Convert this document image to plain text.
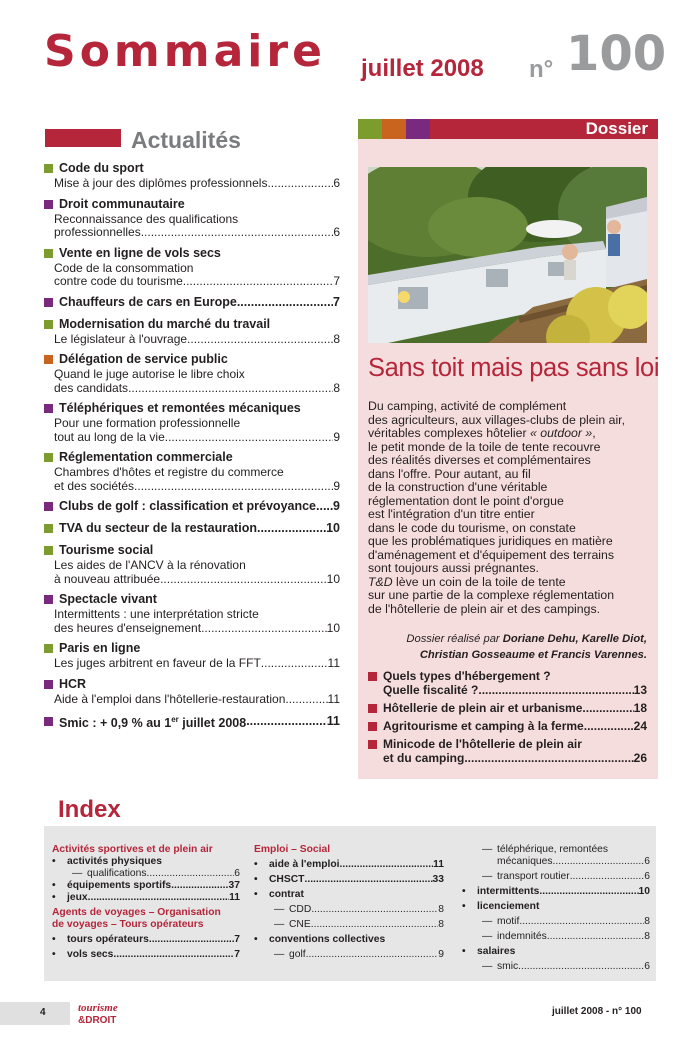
Sommaire juillet 2008 n° 100
Actualités
Code du sport
Mise à jour des diplômes professionnels .....	6
Droit communautaire
Reconnaissance des qualifications
professionnelles .....	6
Vente en ligne de vols secs
Code de la consommation
contre code du tourisme .....	7
Chauffeurs de cars en Europe .....	7
Modernisation du marché du travail
Le législateur à l'ouvrage .....	8
Délégation de service public
Quand le juge autorise le libre choix
des candidats .....	8
Téléphériques et remontées mécaniques
Pour une formation professionnelle
tout au long de la vie .....	9
Réglementation commerciale
Chambres d'hôtes et registre du commerce
et des sociétés .....	9
Clubs de golf : classification et prévoyance ..... 9
TVA du secteur de la restauration .....	10
Tourisme social
Les aides de l'ANCV à la rénovation
à nouveau attribuée .....	10
Spectacle vivant
Intermittents : une interprétation stricte
des heures d'enseignement .....	10
Paris en ligne
Les juges arbitrent en faveur de la FFT .....	11
HCR
Aide à l'emploi dans l'hôtellerie-restauration .....	11
Smic : + 0,9 % au 1er juillet 2008 .....	11
Dossier
Sans toit mais pas sans loi
Du camping, activité de complément
des agriculteurs, aux villages-clubs de plein air,
véritables complexes hôtelier « outdoor »,
le petit monde de la toile de tente recouvre
des réalités diverses et complémentaires
dans l'offre. Pour autant, au fil
de la construction d'une véritable
réglementation dont le point d'orgue
est l'intégration d'un titre entier
dans le code du tourisme, on constate
que les problématiques juridiques en matière
d'aménagement et d'équipement des terrains
sont toujours aussi prégnantes.
T&D lève un coin de la toile de tente
sur une partie de la complexe réglementation
de l'hôtellerie de plein air et des campings.
Dossier réalisé par Doriane Dehu, Karelle Diot,
Christian Gosseaume et Francis Varennes.
Quels types d'hébergement ?
Quelle fiscalité ? .....	13
Hôtellerie de plein air et urbanisme .....	18
Agritourisme et camping à la ferme .....	24
Minicode de l'hôtellerie de plein air
et du camping .....	26
Index
Activités sportives et de plein air
•	activités physiques
— qualifications .....	6
•	équipements sportifs .....	37
•	jeux .....	11
Agents de voyages – Organisation
de voyages – Tours opérateurs
•	tours opérateurs .....	7
•	vols secs .....	7
Emploi – Social
•	aide à l'emploi .....	11
•	CHSCT .....	33
•	contrat
— CDD .....	8
— CNE .....	8
•	conventions collectives
— golf .....	9
— téléphérique, remontées
mécaniques .....	6
— transport routier .....	6
•	intermittents .....	10
•	licenciement
— motif .....	8
— indemnités .....	8
•	salaires
— smic .....	6
4	tourisme
&DROIT
juillet 2008 - n° 100
